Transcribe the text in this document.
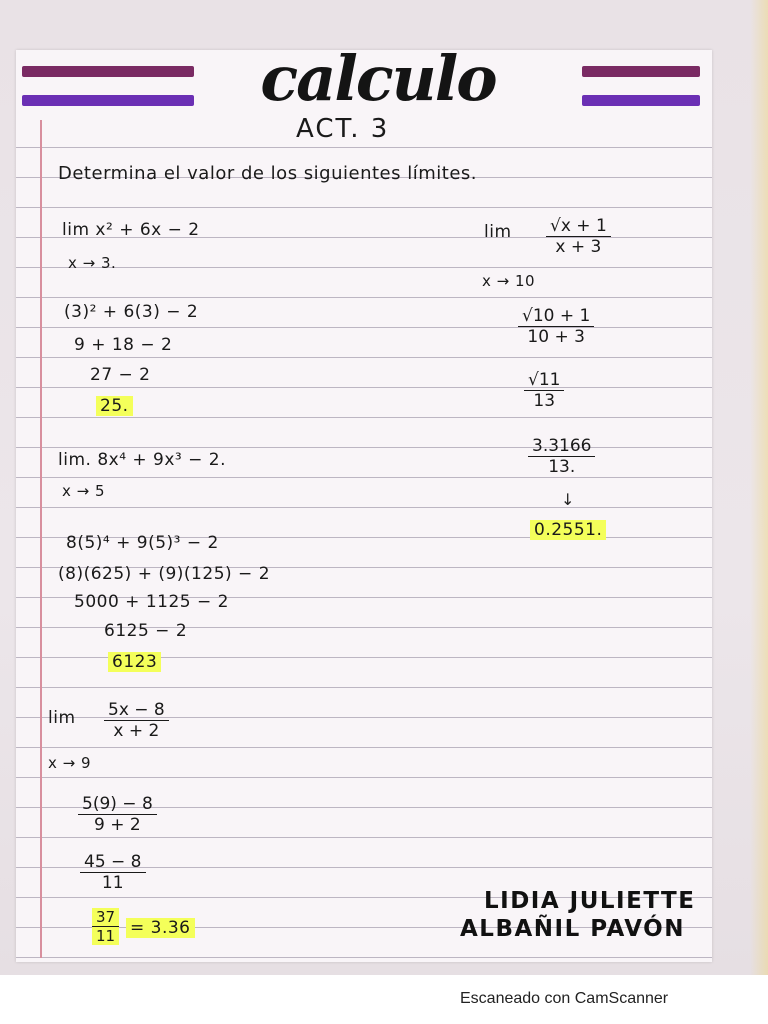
calculo
ACT. 3
Determina el valor de los siguientes límites.
lim x² + 6x − 2
x → 3.
(3)² + 6(3) − 2
9 + 18 − 2
27 − 2
25.
lim. 8x⁴ + 9x³ − 2.
x → 5
8(5)⁴ + 9(5)³ − 2
(8)(625) + (9)(125) − 2
5000 + 1125 − 2
6125 − 2
6123
$\lim \frac{5x - 8}{x + 2}$
x → 9
$\frac{5(9) - 8}{9 + 2}$
$\frac{45 - 8}{11}$
$\frac{37}{11} = 3.36$
$\lim \frac{√x + 1}{x + 3}$
x → 10
$\frac{√10 + 1}{10 + 3}$
$\frac{√11}{13}$
$\frac{3.3166}{13.}$
↓
0.2551.
LIDIA JULIETTE
ALBAÑIL PAVÓN
Escaneado con CamScanner
